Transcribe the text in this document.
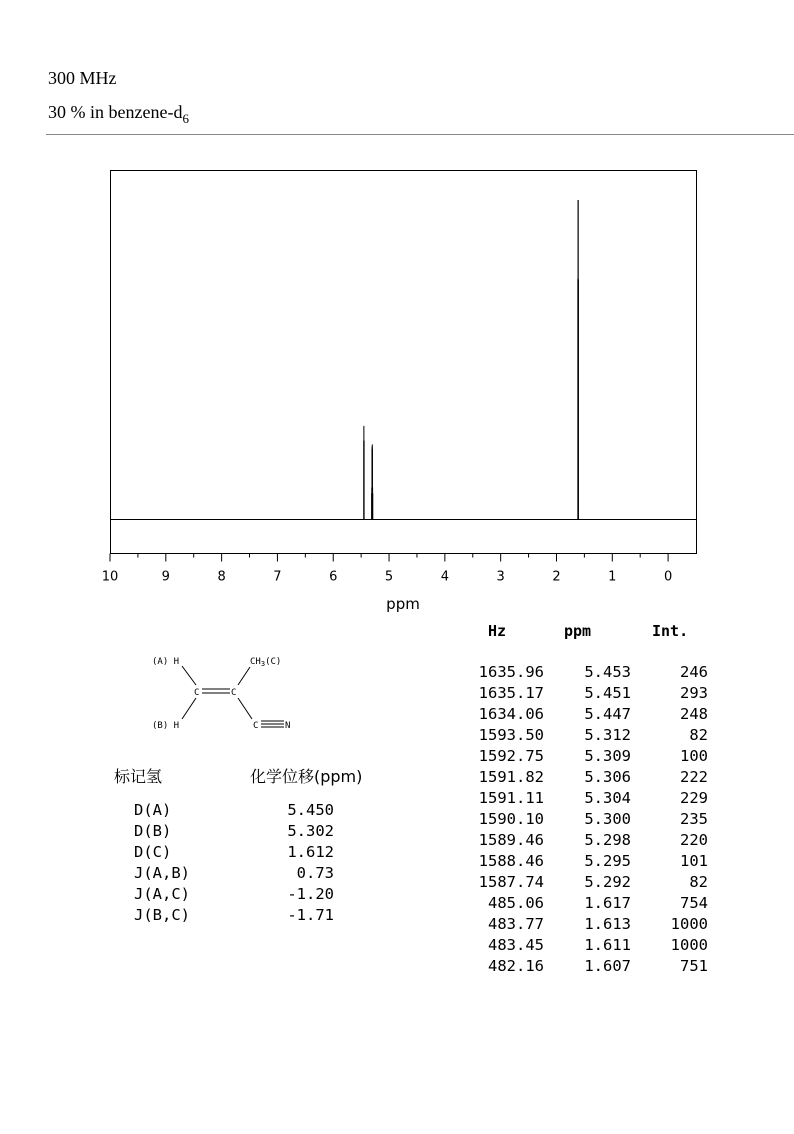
300 MHz
30 % in benzene-$d_6$
10	9	8	7	6	5	4	3	2	1	0
ppm
Hz	ppm	Int.
1635.96	5.453	246
1635.17	5.451	293
1634.06	5.447	248
1593.50	5.312	82
1592.75	5.309	100
1591.82	5.306	222
1591.11	5.304	229
1590.10	5.300	235
1589.46	5.298	220
1588.46	5.295	101
1587.74	5.292	82
485.06	1.617	754
483.77	1.613	1000
483.45	1.611	1000
482.16	1.607	751
(A) H	$CH_3(C)$
(B) H
C	C
C	N
标记氢	化学位移(ppm)
D(A)	5.450
D(B)	5.302
D(C)	1.612
J(A,B)	0.73
J(A,C)	-1.20
J(B,C)	-1.71
